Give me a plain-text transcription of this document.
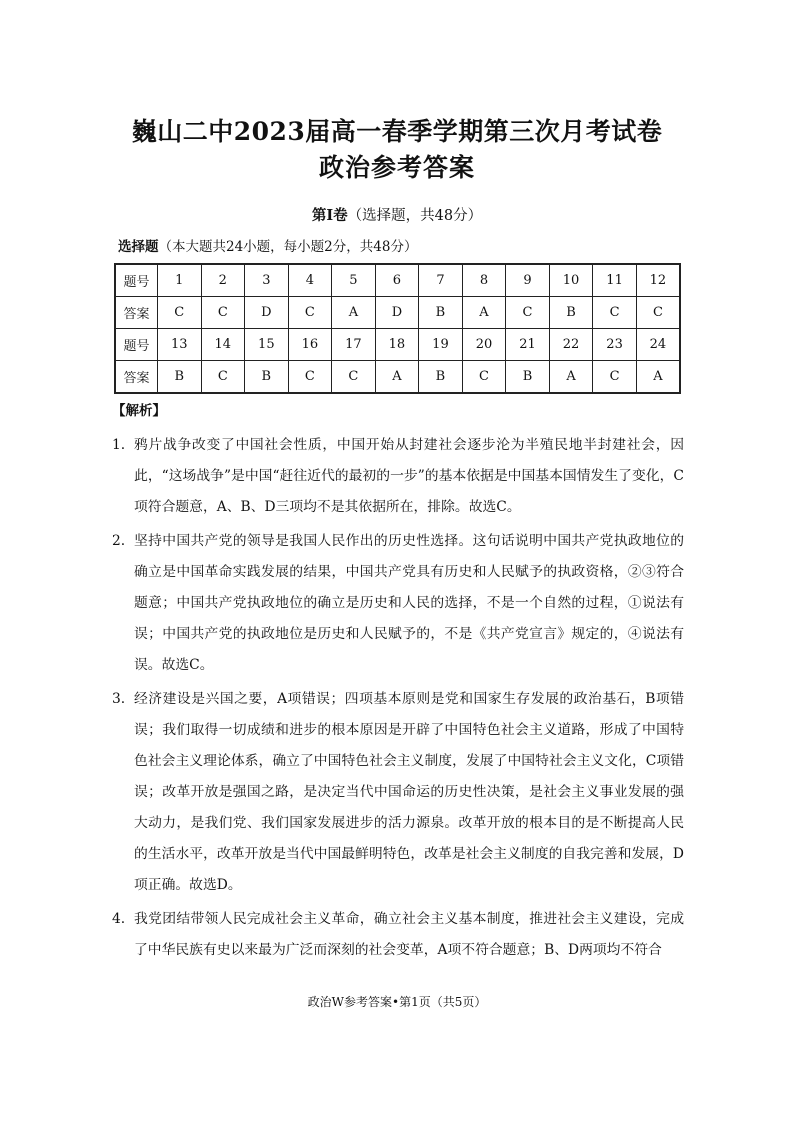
巍山二中2023届高一春季学期第三次月考试卷
政治参考答案
第Ⅰ卷（选择题，共48分）
选择题（本大题共24小题，每小题2分，共48分）
题号	1	2	3	4	5	6	7	8	9	10	11	12
答案	C	C	D	C	A	D	B	A	C	B	C	C
题号	13	14	15	16	17	18	19	20	21	22	23	24
答案	B	C	B	C	C	A	B	C	B	A	C	A
【解析】
1. 鸦片战争改变了中国社会性质，中国开始从封建社会逐步沦为半殖民地半封建社会，因此，“这场战争”是中国“赶往近代的最初的一步”的基本依据是中国基本国情发生了变化，C项符合题意，A、B、D三项均不是其依据所在，排除。故选C。
2. 坚持中国共产党的领导是我国人民作出的历史性选择。这句话说明中国共产党执政地位的确立是中国革命实践发展的结果，中国共产党具有历史和人民赋予的执政资格，②③符合题意；中国共产党执政地位的确立是历史和人民的选择，不是一个自然的过程，①说法有误；中国共产党的执政地位是历史和人民赋予的，不是《共产党宣言》规定的，④说法有误。故选C。
3. 经济建设是兴国之要，A项错误；四项基本原则是党和国家生存发展的政治基石，B项错误；我们取得一切成绩和进步的根本原因是开辟了中国特色社会主义道路，形成了中国特色社会主义理论体系，确立了中国特色社会主义制度，发展了中国特社会主义文化，C项错误；改革开放是强国之路，是决定当代中国命运的历史性决策，是社会主义事业发展的强大动力，是我们党、我们国家发展进步的活力源泉。改革开放的根本目的是不断提高人民的生活水平，改革开放是当代中国最鲜明特色，改革是社会主义制度的自我完善和发展，D项正确。故选D。
4. 我党团结带领人民完成社会主义革命，确立社会主义基本制度，推进社会主义建设，完成了中华民族有史以来最为广泛而深刻的社会变革，A项不符合题意；B、D两项均不符合
政治W参考答案•第1页（共5页）
